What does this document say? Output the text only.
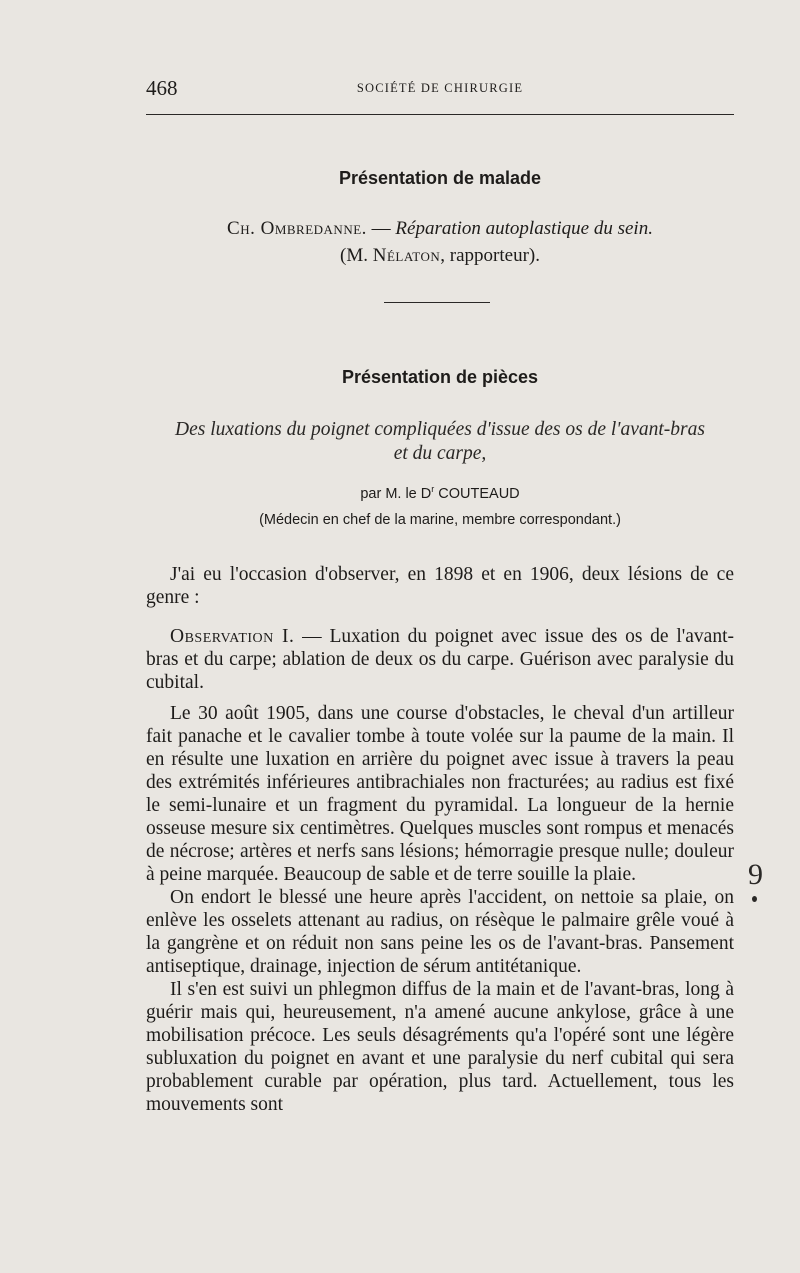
468	SOCIÉTÉ DE CHIRURGIE
Présentation de malade
Ch. Ombredanne. — Réparation autoplastique du sein.
(M. Nélaton, rapporteur).
Présentation de pièces
Des luxations du poignet compliquées d'issue des os de l'avant-bras
et du carpe,
par M. le $D^r$ COUTEAUD
(Médecin en chef de la marine, membre correspondant.)

J'ai eu l'occasion d'observer, en 1898 et en 1906, deux lésions de ce genre :

Observation I. — Luxation du poignet avec issue des os de l'avant-bras et du carpe; ablation de deux os du carpe. Guérison avec paralysie du cubital.

Le 30 août 1905, dans une course d'obstacles, le cheval d'un artilleur fait panache et le cavalier tombe à toute volée sur la paume de la main. Il en résulte une luxation en arrière du poignet avec issue à travers la peau des extrémités inférieures antibrachiales non fracturées; au radius est fixé le semi-lunaire et un fragment du pyramidal. La longueur de la hernie osseuse mesure six centimètres. Quelques muscles sont rompus et menacés de nécrose; artères et nerfs sans lésions; hémorragie presque nulle; douleur à peine marquée. Beaucoup de sable et de terre souille la plaie.

On endort le blessé une heure après l'accident, on nettoie sa plaie, on enlève les osselets attenant au radius, on résèque le palmaire grêle voué à la gangrène et on réduit non sans peine les os de l'avant-bras. Pansement antiseptique, drainage, injection de sérum antitétanique.

Il s'en est suivi un phlegmon diffus de la main et de l'avant-bras, long à guérir mais qui, heureusement, n'a amené aucune ankylose, grâce à une mobilisation précoce. Les seuls désagréments qu'a l'opéré sont une légère subluxation du poignet en avant et une paralysie du nerf cubital qui sera probablement curable par opération, plus tard. Actuellement, tous les mouvements sont

9
